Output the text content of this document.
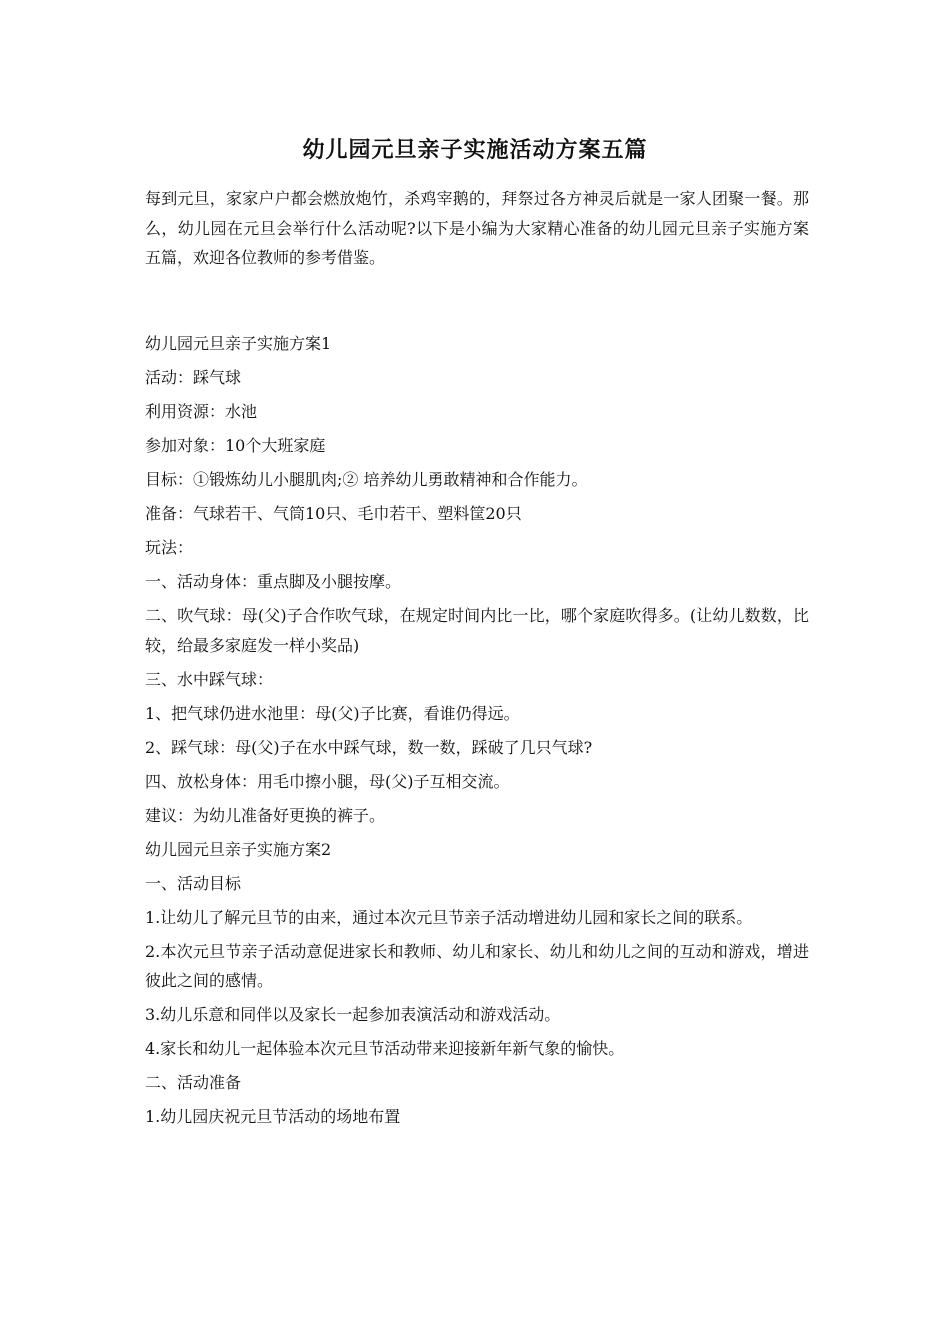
幼儿园元旦亲子实施活动方案五篇

每到元旦，家家户户都会燃放炮竹，杀鸡宰鹅的，拜祭过各方神灵后就是一家人团聚一餐。那么，幼儿园在元旦会举行什么活动呢?以下是小编为大家精心准备的幼儿园元旦亲子实施方案五篇，欢迎各位教师的参考借鉴。

幼儿园元旦亲子实施方案1

活动：踩气球

利用资源：水池

参加对象：10个大班家庭

目标：①锻炼幼儿小腿肌肉;② 培养幼儿勇敢精神和合作能力。

准备：气球若干、气筒10只、毛巾若干、塑料筐20只

玩法：

一、活动身体：重点脚及小腿按摩。

二、吹气球：母(父)子合作吹气球，在规定时间内比一比，哪个家庭吹得多。(让幼儿数数，比较，给最多家庭发一样小奖品)

三、水中踩气球：

1、把气球仍进水池里：母(父)子比赛，看谁仍得远。

2、踩气球：母(父)子在水中踩气球，数一数，踩破了几只气球?

四、放松身体：用毛巾擦小腿，母(父)子互相交流。

建议：为幼儿准备好更换的裤子。

幼儿园元旦亲子实施方案2

一、活动目标

1.让幼儿了解元旦节的由来，通过本次元旦节亲子活动增进幼儿园和家长之间的联系。

2.本次元旦节亲子活动意促进家长和教师、幼儿和家长、幼儿和幼儿之间的互动和游戏，增进彼此之间的感情。

3.幼儿乐意和同伴以及家长一起参加表演活动和游戏活动。

4.家长和幼儿一起体验本次元旦节活动带来迎接新年新气象的愉快。

二、活动准备

1.幼儿园庆祝元旦节活动的场地布置
